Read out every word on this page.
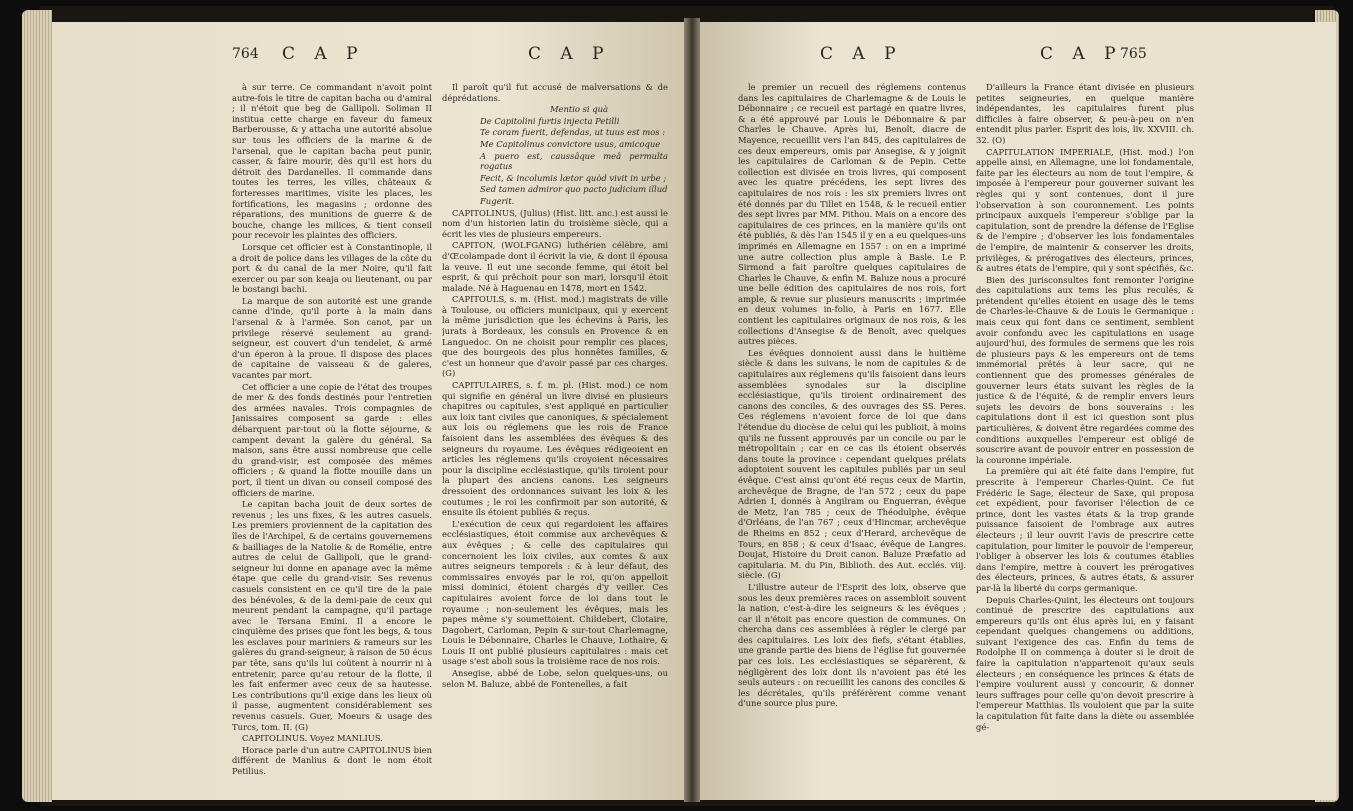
764 C A P	C A P	C A P	C A P
765

à sur terre. Ce commandant n'avoit point autre-fois le titre de capitan bacha ou d'amiral ; il n'étoit que beg de Gallipoli. Soliman II institua cette charge en faveur du fameux Barberousse, & y attacha une autorité absolue sur tous les officiers de la marine & de l'arsenal, que le capitan bacha peut punir, casser, & faire mourir, dès qu'il est hors du détroit des Dardanelles. Il commande dans toutes les terres, les villes, châteaux & forteresses maritimes, visite les places, les fortifications, les magasins ; ordonne des réparations, des munitions de guerre & de bouche, change les milices, & tient conseil pour recevoir les plaintes des officiers.

Lorsque cet officier est à Constantinople, il a droit de police dans les villages de la côte du port & du canal de la mer Noire, qu'il fait exercer ou par son keaja ou lieutenant, ou par le bostangi bachi.

La marque de son autorité est une grande canne d'inde, qu'il porte à la main dans l'arsenal & à l'armée. Son canot, par un privilege réservé seulement au grand-seigneur, est couvert d'un tendelet, & armé d'un éperon à la proue. Il dispose des places de capitaine de vaisseau & de galeres, vacantes par mort.

Cet officier a une copie de l'état des troupes de mer & des fonds destinés pour l'entretien des armées navales. Trois compagnies de Janissaires composent sa garde : elles débarquent par-tout où la flotte séjourne, & campent devant la galère du général. Sa maison, sans être aussi nombreuse que celle du grand-visir, est composée des mêmes officiers ; & quand la flotte mouille dans un port, il tient un divan ou conseil composé des officiers de marine.

Le capitan bacha jouit de deux sortes de revenus ; les uns fixes, & les autres casuels. Les premiers proviennent de la capitation des îles de l'Archipel, & de certains gouvernemens & bailliages de la Natolie & de Romélie, entre autres de celui de Gallipoli, que le grand-seigneur lui donne en apanage avec la même étape que celle du grand-visir. Ses revenus casuels consistent en ce qu'il tire de la paie des bénévoles, & de la demi-paie de ceux qui meurent pendant la campagne, qu'il partage avec le Tersana Emini. Il a encore le cinquième des prises que font les begs, & tous les esclaves pour mariniers & rameurs sur les galères du grand-seigneur, à raison de 50 écus par tête, sans qu'ils lui coûtent à nourrir ni à entretenir, parce qu'au retour de la flotte, il les fait enfermer avec ceux de sa hautesse. Les contributions qu'il exige dans les lieux où il passe, augmentent considérablement ses revenus casuels. Guer, Moeurs & usage des Turcs, tom. II. (G)

CAPITOLINUS. Voyez MANLIUS.

Horace parle d'un autre CAPITOLINUS bien différent de Manlius & dont le nom étoit Petilius.

Il paroît qu'il fut accusé de malversations & de déprédations.

Mentio si quà

De Capitolini furtis injecta Petilli

Te coram fuerit, defendas, ut tuus est mos :

Me Capitolinus convictore usus, amicoque

A puero est, caussâque meâ permulta rogatus

Fecit, & incolumis lætor quòd vivit in urbe ;

Sed tamen admiror quo pacto judicium illud

Fugerit.

CAPITOLINUS, (Julius) (Hist. litt. anc.) est aussi le nom d'un historien latin du troisième siècle, qui a écrit les vies de plusieurs empereurs.

CAPITON, (WOLFGANG) luthérien célèbre, ami d'Œcolampade dont il écrivit la vie, & dont il épousa la veuve. Il eut une seconde femme, qui étoit bel esprit, & qui prêchoit pour son mari, lorsqu'il étoit malade. Né à Haguenau en 1478, mort en 1542.

CAPITOULS, s. m. (Hist. mod.) magistrats de ville à Toulouse, ou officiers municipaux, qui y exercent la même jurisdiction que les échevins à Paris, les jurats à Bordeaux, les consuls en Provence & en Languedoc. On ne choisit pour remplir ces places, que des bourgeois des plus honnêtes familles, & c'est un honneur que d'avoir passé par ces charges. (G)

CAPITULAIRES, s. f. m. pl. (Hist. mod.) ce nom qui signifie en général un livre divisé en plusieurs chapitres ou capitules, s'est appliqué en particulier aux loix tant civiles que canoniques, & spécialement aux lois ou réglemens que les rois de France faisoient dans les assemblées des évêques & des seigneurs du royaume. Les évêques rédigeoient en articles les réglemens qu'ils croyoient nécessaires pour la discipline ecclésiastique, qu'ils tiroient pour la plupart des anciens canons. Les seigneurs dressoient des ordonnances suivant les loix & les coutumes ; le roi les confirmoit par son autorité, & ensuite ils étoient publiés & reçus.

L'exécution de ceux qui regardoient les affaires ecclésiastiques, étoit commise aux archevêques & aux évêques ; & celle des capitulaires qui concernoient les loix civiles, aux comtes & aux autres seigneurs temporels : & à leur défaut, des commissaires envoyés par le roi, qu'on appelloit missi dominici, étoient chargés d'y veiller. Ces capitulaires avoient force de loi dans tout le royaume ; non-seulement les évêques, mais les papes même s'y soumettoient. Childebert, Clotaire, Dagobert, Carloman, Pepin & sur-tout Charlemagne, Louis le Débonnaire, Charles le Chauve, Lothaire, & Louis II ont publié plusieurs capitulaires : mais cet usage s'est aboli sous la troisième race de nos rois.

Ansegise, abbé de Lobe, selon quelques-uns, ou selon M. Baluze, abbé de Fontenelles, a fait

le premier un recueil des réglemens contenus dans les capitulaires de Charlemagne & de Louis le Débonnaire ; ce recueil est partagé en quatre livres, & a été approuvé par Louis le Débonnaire & par Charles le Chauve. Après lui, Benoît, diacre de Mayence, recueillit vers l'an 845, des capitulaires de ces deux empereurs, omis par Ansegise, & y joignit les capitulaires de Carloman & de Pepin. Cette collection est divisée en trois livres, qui composent avec les quatre précédens, les sept livres des capitulaires de nos rois : les six premiers livres ont été donnés par du Tillet en 1548, & le recueil entier des sept livres par MM. Pithou. Mais on a encore des capitulaires de ces princes, en la manière qu'ils ont été publiés, & dès l'an 1545 il y en a eu quelques-uns imprimés en Allemagne en 1557 : on en a imprimé une autre collection plus ample à Basle. Le P. Sirmond a fait paroître quelques capitulaires de Charles le Chauve, & enfin M. Baluze nous a procuré une belle édition des capitulaires de nos rois, fort ample, & revue sur plusieurs manuscrits ; imprimée en deux volumes in-folio, à Paris en 1677. Elle contient les capitulaires originaux de nos rois, & les collections d'Ansegise & de Benoît, avec quelques autres pièces.

Les évêques donnoient aussi dans le huitième siècle & dans les suivans, le nom de capitules & de capitulaires aux réglemens qu'ils faisoient dans leurs assemblées synodales sur la discipline ecclésiastique, qu'ils tiroient ordinairement des canons des conciles, & des ouvrages des SS. Peres. Ces réglemens n'avoient force de loi que dans l'étendue du diocèse de celui qui les publioit, à moins qu'ils ne fussent approuvés par un concile ou par le métropolitain ; car en ce cas ils étoient observés dans toute la province : cependant quelques prélats adoptoient souvent les capitules publiés par un seul évêque. C'est ainsi qu'ont été reçus ceux de Martin, archevêque de Bragne, de l'an 572 ; ceux du pape Adrien I, donnés à Angilram ou Enguerran, évêque de Metz, l'an 785 ; ceux de Théodulphe, évêque d'Orléans, de l'an 767 ; ceux d'Hincmar, archevêque de Rheims en 852 ; ceux d'Herard, archevêque de Tours, en 858 ; & ceux d'Isaac, évêque de Langres. Doujat, Histoire du Droit canon. Baluze Præfatio ad capitularia. M. du Pin, Biblioth. des Aut. ecclés. viij. siècle. (G)

L'illustre auteur de l'Esprit des loix, observe que sous les deux premières races on assembloit souvent la nation, c'est-à-dire les seigneurs & les évêques ; car il n'étoit pas encore question de communes. On chercha dans ces assemblées à régler le clergé par des capitulaires. Les loix des fiefs, s'étant établies, une grande partie des biens de l'église fut gouvernée par ces lois. Les ecclésiastiques se séparèrent, & négligèrent des loix dont ils n'avoient pas été les seuls auteurs : on recueillit les canons des conciles & les décrétales, qu'ils préférèrent comme venant d'une source plus pure.

D'ailleurs la France étant divisée en plusieurs petites seigneuries, en quelque manière indépendantes, les capitulaires furent plus difficiles à faire observer, & peu-à-peu on n'en entendit plus parler. Esprit des lois, liv. XXVIII. ch. 32. (O)

CAPITULATION IMPERIALE, (Hist. mod.) l'on appelle ainsi, en Allemagne, une loi fondamentale, faite par les électeurs au nom de tout l'empire, & imposée à l'empereur pour gouverner suivant les règles qui y sont contenues, dont il jure l'observation à son couronnement. Les points principaux auxquels l'empereur s'oblige par la capitulation, sont de prendre la défense de l'Eglise & de l'empire ; d'observer les lois fondamentales de l'empire, de maintenir & conserver les droits, privilèges, & prérogatives des électeurs, princes, & autres états de l'empire, qui y sont spécifiés, &c.

Bien des jurisconsultes font remonter l'origine des capitulations aux tems les plus reculés, & prétendent qu'elles étoient en usage dès le tems de Charles-le-Chauve & de Louis le Germanique : mais ceux qui font dans ce sentiment, semblent avoir confondu avec les capitulations en usage aujourd'hui, des formules de sermens que les rois de plusieurs pays & les empereurs ont de tems immémorial prêtés à leur sacre, qui ne contiennent que des promesses générales de gouverner leurs états suivant les règles de la justice & de l'équité, & de remplir envers leurs sujets les devoirs de bons souverains : les capitulations dont il est ici question sont plus particulières, & doivent être regardées comme des conditions auxquelles l'empereur est obligé de souscrire avant de pouvoir entrer en possession de la couronne impériale.

La première qui ait été faite dans l'empire, fut prescrite à l'empereur Charles-Quint. Ce fut Frédéric le Sage, électeur de Saxe, qui proposa cet expédient, pour favoriser l'élection de ce prince, dont les vastes états & la trop grande puissance faisoient de l'ombrage aux autres électeurs ; il leur ouvrit l'avis de prescrire cette capitulation, pour limiter le pouvoir de l'empereur, l'obliger à observer les lois & coutumes établies dans l'empire, mettre à couvert les prérogatives des électeurs, princes, & autres états, & assurer par-là la liberté du corps germanique.

Depuis Charles-Quint, les électeurs ont toujours continué de prescrire des capitulations aux empereurs qu'ils ont élus après lui, en y faisant cependant quelques changemens ou additions, suivant l'exigence des cas. Enfin du tems de Rodolphe II on commença à douter si le droit de faire la capitulation n'appartenoit qu'aux seuls électeurs ; en conséquence les princes & états de l'empire voulurent aussi y concourir, & donner leurs suffrages pour celle qu'on devoit prescrire à l'empereur Matthias. Ils vouloient que par la suite la capitulation fût faite dans la diète ou assemblée gé-
